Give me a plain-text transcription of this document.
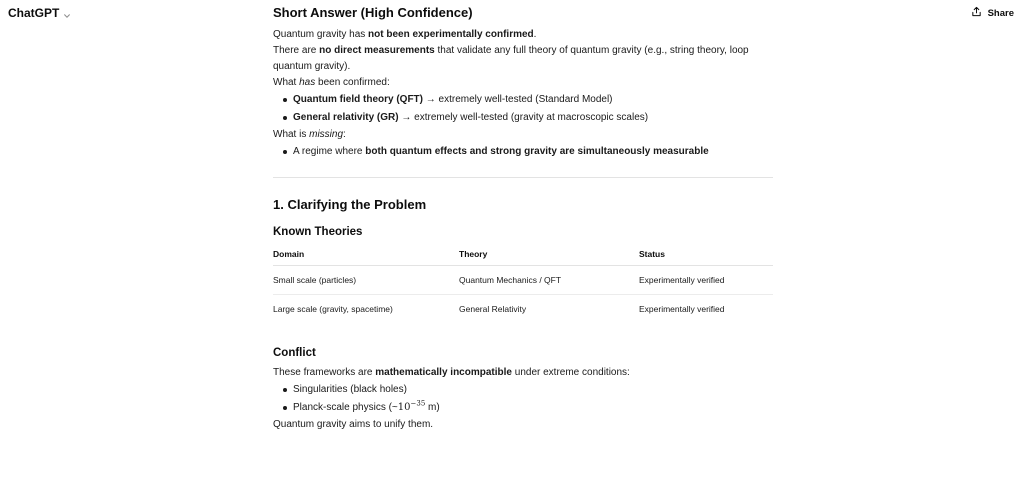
ChatGPT	Share
Short Answer (High Confidence)

Quantum gravity has not been experimentally confirmed.

There are no direct measurements that validate any full theory of quantum gravity (e.g., string theory, loop quantum gravity).

What has been confirmed:

Quantum field theory (QFT) → extremely well-tested (Standard Model)
General relativity (GR) → extremely well-tested (gravity at macroscopic scales)

What is missing:

A regime where both quantum effects and strong gravity are simultaneously measurable
1. Clarifying the Problem
Known Theories
Domain	Theory	Status
Small scale (particles)	Quantum Mechanics / QFT	Experimentally verified
Large scale (gravity, spacetime)	General Relativity	Experimentally verified
Conflict

These frameworks are mathematically incompatible under extreme conditions:

Singularities (black holes)
Planck-scale physics ($\sim 10^{-35}$ m)

Quantum gravity aims to unify them.
